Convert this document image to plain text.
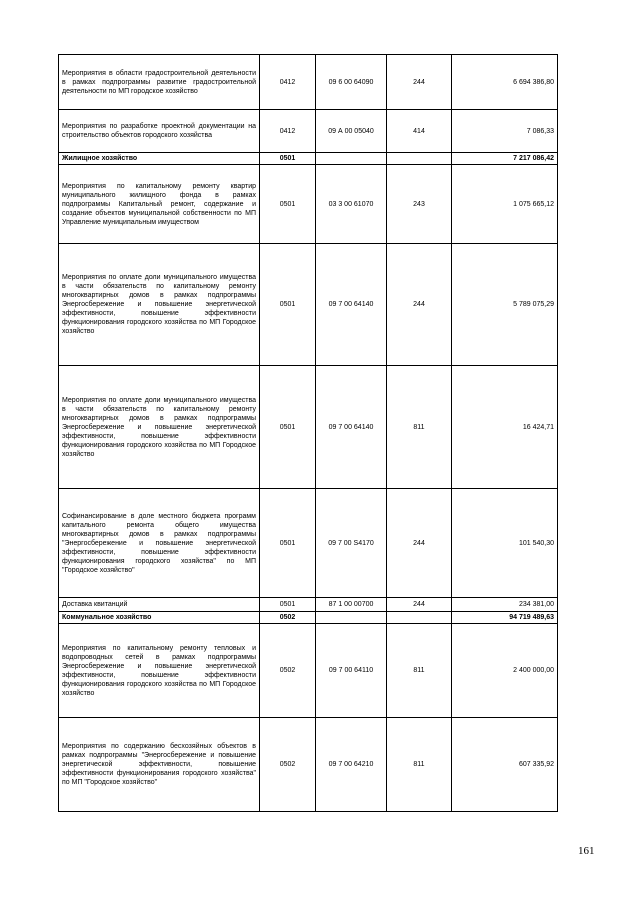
Мероприятия в области градостроительной деятельности в рамках подпрограммы развитие градостроительной деятельности по МП городское хозяйство	0412	09 6 00 64090	244	6 694 386,80
Мероприятия по разработке проектной документации на строительство объектов городского хозяйства	0412	09 А 00 05040	414	7 086,33
Жилищное хозяйство	0501			7 217 086,42
Мероприятия по капитальному ремонту квартир муниципального жилищного фонда в рамках подпрограммы Капитальный ремонт, содержание и создание объектов муниципальной собственности по МП Управление муниципальным имуществом	0501	03 3 00 61070	243	1 075 665,12
Мероприятия по оплате доли муниципального имущества в части обязательств по капитальному ремонту многоквартирных домов в рамках подпрограммы Энергосбережение и повышение энергетической эффективности, повышение эффективности функционирования городского хозяйства по МП Городское хозяйство	0501	09 7 00 64140	244	5 789 075,29
Мероприятия по оплате доли муниципального имущества в части обязательств по капитальному ремонту многоквартирных домов в рамках подпрограммы Энергосбережение и повышение энергетической эффективности, повышение эффективности функционирования городского хозяйства по МП Городское хозяйство	0501	09 7 00 64140	811	16 424,71
Софинансирование в доле местного бюджета программ капитального ремонта общего имущества многоквартирных домов в рамках подпрограммы "Энергосбережение и повышение энергетической эффективности, повышение эффективности функционирования городского хозяйства" по МП "Городское хозяйство"	0501	09 7 00 S4170	244	101 540,30
Доставка квитанций	0501	87 1 00 00700	244	234 381,00
Коммунальное хозяйство	0502			94 719 489,63
Мероприятия по капитальному ремонту тепловых и водопроводных сетей в рамках подпрограммы Энергосбережение и повышение энергетической эффективности, повышение эффективности функционирования городского хозяйства по МП Городское хозяйство	0502	09 7 00 64110	811	2 400 000,00
Мероприятия по содержанию бесхозяйных объектов в рамках подпрограммы "Энергосбережение и повышение энергетической эффективности, повышение эффективности функционирования городского хозяйства" по МП "Городское хозяйство"	0502	09 7 00 64210	811	607 335,92
161
